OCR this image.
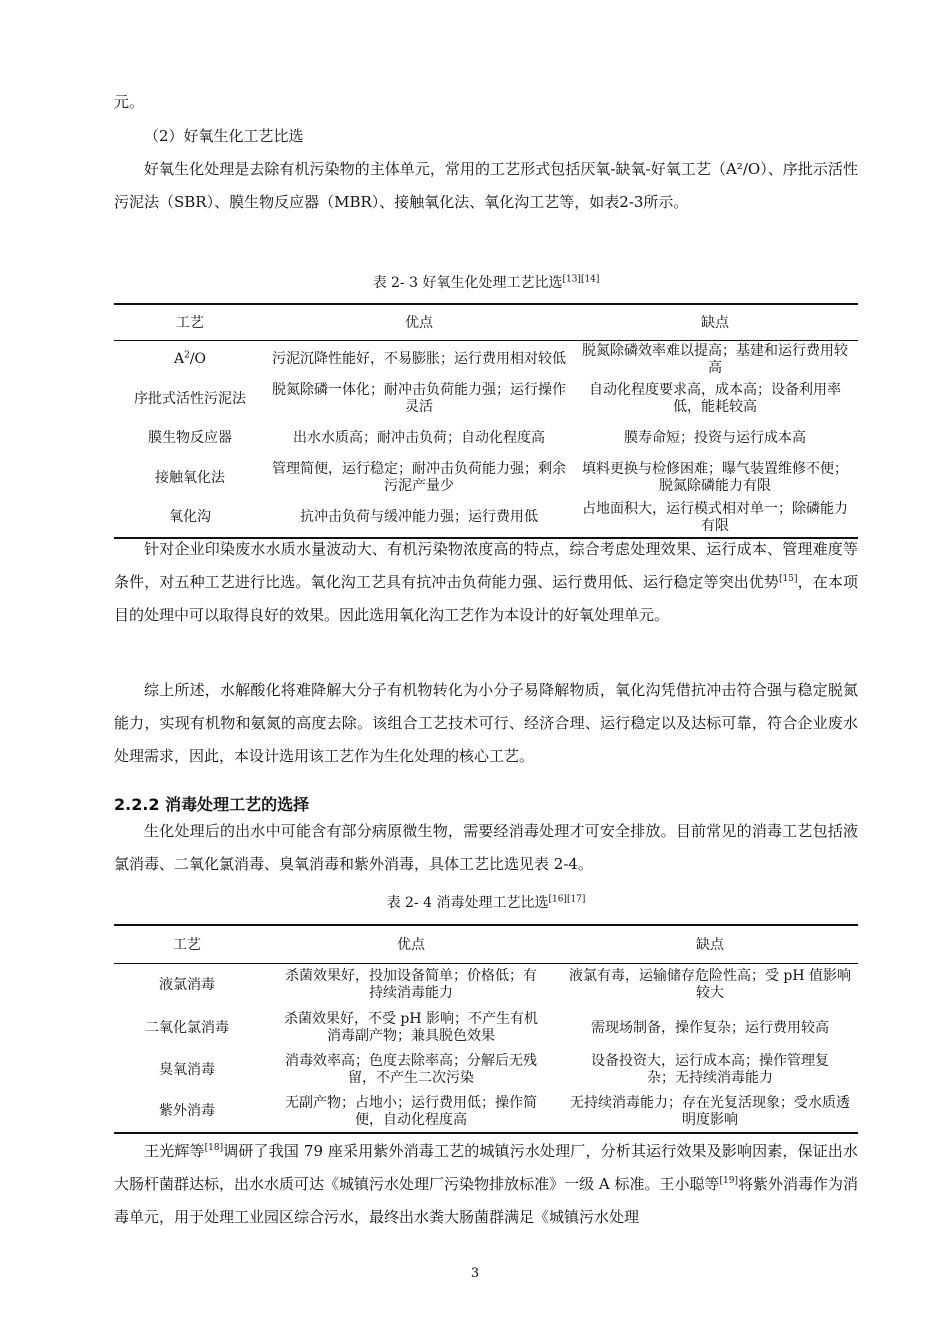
元。

（2）好氧生化工艺比选

好氧生化处理是去除有机污染物的主体单元，常用的工艺形式包括厌氧-缺氧-好氧工艺（A²/O）、序批示活性污泥法（SBR）、膜生物反应器（MBR）、接触氧化法、氧化沟工艺等，如表2-3所示。

表 2- 3 好氧生化处理工艺比选[13][14]

工艺	优点	缺点
$A^2/O$	污泥沉降性能好，不易膨胀；运行费用相对较低	脱氮除磷效率难以提高；基建和运行费用较高
序批式活性污泥法	脱氮除磷一体化；耐冲击负荷能力强；运行操作灵活	自动化程度要求高，成本高；设备利用率低，能耗较高
膜生物反应器	出水水质高；耐冲击负荷；自动化程度高	膜寿命短；投资与运行成本高
接触氧化法	管理简便，运行稳定；耐冲击负荷能力强；剩余污泥产量少	填料更换与检修困难；曝气装置维修不便；脱氮除磷能力有限
氧化沟	抗冲击负荷与缓冲能力强；运行费用低	占地面积大，运行模式相对单一；除磷能力有限

针对企业印染废水水质水量波动大、有机污染物浓度高的特点，综合考虑处理效果、运行成本、管理难度等条件，对五种工艺进行比选。氧化沟工艺具有抗冲击负荷能力强、运行费用低、运行稳定等突出优势[15]，在本项目的处理中可以取得良好的效果。因此选用氧化沟工艺作为本设计的好氧处理单元。

综上所述，水解酸化将难降解大分子有机物转化为小分子易降解物质，氧化沟凭借抗冲击符合强与稳定脱氮能力，实现有机物和氨氮的高度去除。该组合工艺技术可行、经济合理、运行稳定以及达标可靠，符合企业废水处理需求，因此，本设计选用该工艺作为生化处理的核心工艺。

2.2.2 消毒处理工艺的选择

生化处理后的出水中可能含有部分病原微生物，需要经消毒处理才可安全排放。目前常见的消毒工艺包括液氯消毒、二氧化氯消毒、臭氧消毒和紫外消毒，具体工艺比选见表 2-4。

表 2- 4 消毒处理工艺比选[16][17]

工艺	优点	缺点
液氯消毒	杀菌效果好，投加设备简单；价格低；有持续消毒能力	液氯有毒，运输储存危险性高；受 pH 值影响较大
二氧化氯消毒	杀菌效果好，不受 pH 影响；不产生有机消毒副产物；兼具脱色效果	需现场制备，操作复杂；运行费用较高
臭氧消毒	消毒效率高；色度去除率高；分解后无残留，不产生二次污染	设备投资大，运行成本高；操作管理复杂；无持续消毒能力
紫外消毒	无副产物；占地小；运行费用低；操作简便，自动化程度高	无持续消毒能力；存在光复活现象；受水质透明度影响

王光辉等[18]调研了我国 79 座采用紫外消毒工艺的城镇污水处理厂，分析其运行效果及影响因素，保证出水大肠杆菌群达标，出水水质可达《城镇污水处理厂污染物排放标准》一级 A 标准。王小聪等[19]将紫外消毒作为消毒单元，用于处理工业园区综合污水，最终出水粪大肠菌群满足《城镇污水处理

3
